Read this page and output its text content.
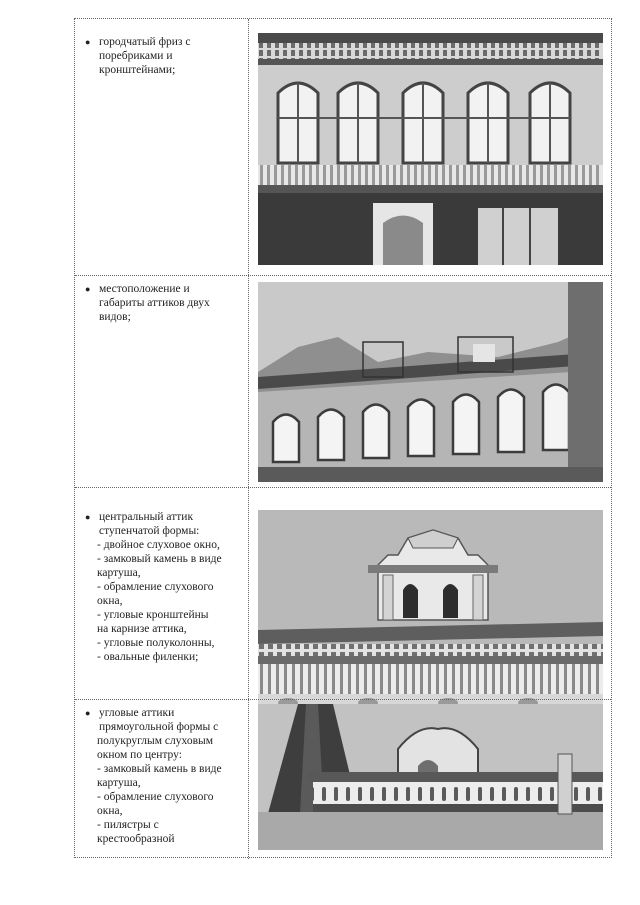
● городчатый фриз с
поребриками и
кронштейнами;
● местоположение и
габариты аттиков двух
видов;
● центральный аттик
ступенчатой формы:
- двойное слуховое окно,
- замковый камень в виде
картуша,
- обрамление слухового
окна,
- угловые кронштейны
на карнизе аттика,
- угловые полуколонны,
- овальные филенки;
● угловые аттики
прямоугольной формы с
полукруглым слуховым
окном по центру:
- замковый камень в виде
картуша,
- обрамление слухового
окна,
- пилястры с
крестообразной
